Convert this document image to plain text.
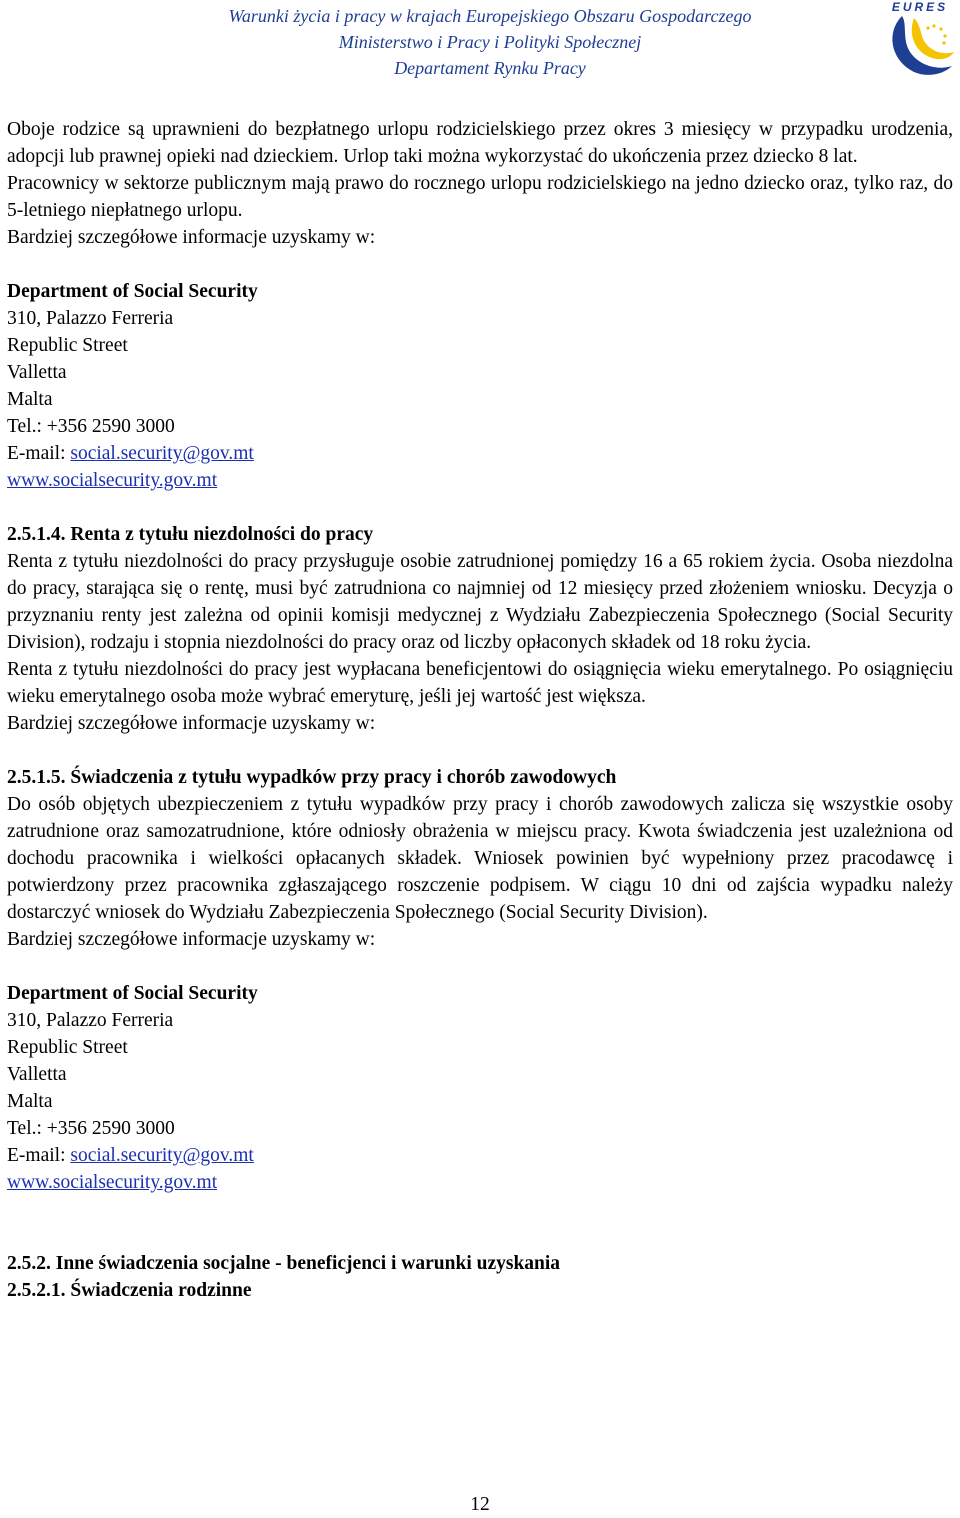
Warunki życia i pracy w krajach Europejskiego Obszaru Gospodarczego
Ministerstwo i Pracy i Polityki Społecznej
Departament Rynku Pracy
EURES

Oboje rodzice są uprawnieni do bezpłatnego urlopu rodzicielskiego przez okres 3 miesięcy w przypadku urodzenia, adopcji lub prawnej opieki nad dzieckiem. Urlop taki można wykorzystać do ukończenia przez dziecko 8 lat.

Pracownicy w sektorze publicznym mają prawo do rocznego urlopu rodzicielskiego na jedno dziecko oraz, tylko raz, do 5-letniego niepłatnego urlopu.

Bardziej szczegółowe informacje uzyskamy w:

Department of Social Security

310, Palazzo Ferreria

Republic Street

Valletta

Malta

Tel.: +356 2590 3000

E-mail: social.security@gov.mt

www.socialsecurity.gov.mt

2.5.1.4. Renta z tytułu niezdolności do pracy

Renta z tytułu niezdolności do pracy przysługuje osobie zatrudnionej pomiędzy 16 a 65 rokiem życia. Osoba niezdolna do pracy, starająca się o rentę, musi być zatrudniona co najmniej od 12 miesięcy przed złożeniem wniosku. Decyzja o przyznaniu renty jest zależna od opinii komisji medycznej z Wydziału Zabezpieczenia Społecznego (Social Security Division), rodzaju i stopnia niezdolności do pracy oraz od liczby opłaconych składek od 18 roku życia.

Renta z tytułu niezdolności do pracy jest wypłacana beneficjentowi do osiągnięcia wieku emerytalnego. Po osiągnięciu wieku emerytalnego osoba może wybrać emeryturę, jeśli jej wartość jest większa.

Bardziej szczegółowe informacje uzyskamy w:

2.5.1.5. Świadczenia z tytułu wypadków przy pracy i chorób zawodowych

Do osób objętych ubezpieczeniem z tytułu wypadków przy pracy i chorób zawodowych zalicza się wszystkie osoby zatrudnione oraz samozatrudnione, które odniosły obrażenia w miejscu pracy. Kwota świadczenia jest uzależniona od dochodu pracownika i wielkości opłacanych składek. Wniosek powinien być wypełniony przez pracodawcę i potwierdzony przez pracownika zgłaszającego roszczenie podpisem. W ciągu 10 dni od zajścia wypadku należy dostarczyć wniosek do Wydziału Zabezpieczenia Społecznego (Social Security Division).

Bardziej szczegółowe informacje uzyskamy w:

Department of Social Security

310, Palazzo Ferreria

Republic Street

Valletta

Malta

Tel.: +356 2590 3000

E-mail: social.security@gov.mt

www.socialsecurity.gov.mt

2.5.2. Inne świadczenia socjalne - beneficjenci i warunki uzyskania

2.5.2.1. Świadczenia rodzinne

12
